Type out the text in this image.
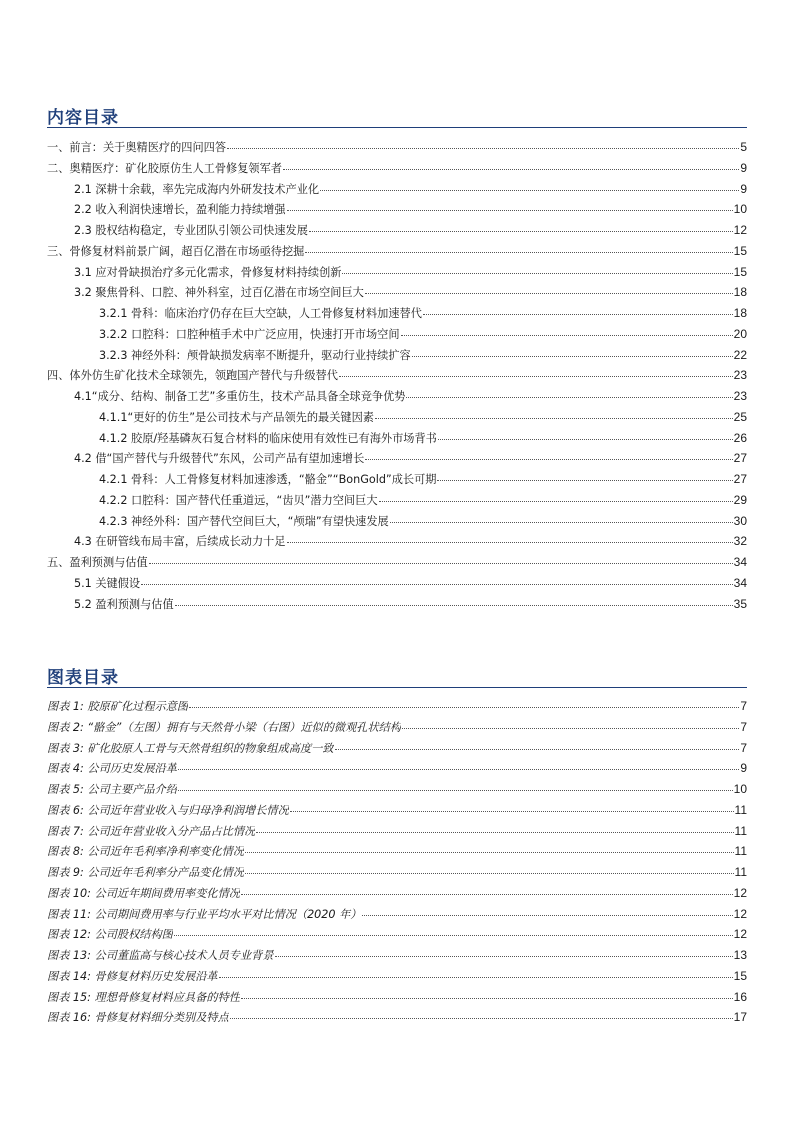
内容目录
一、前言：关于奥精医疗的四问四答	5
二、奥精医疗：矿化胶原仿生人工骨修复领军者	9
2.1 深耕十余载，率先完成海内外研发技术产业化	9
2.2 收入利润快速增长，盈利能力持续增强	10
2.3 股权结构稳定，专业团队引领公司快速发展	12
三、骨修复材料前景广阔，超百亿潜在市场亟待挖掘	15
3.1 应对骨缺损治疗多元化需求，骨修复材料持续创新	15
3.2 聚焦骨科、口腔、神外科室，过百亿潜在市场空间巨大	18
3.2.1 骨科：临床治疗仍存在巨大空缺，人工骨修复材料加速替代	18
3.2.2 口腔科：口腔种植手术中广泛应用，快速打开市场空间	20
3.2.3 神经外科：颅骨缺损发病率不断提升，驱动行业持续扩容	22
四、体外仿生矿化技术全球领先，领跑国产替代与升级替代	23
4.1“成分、结构、制备工艺”多重仿生，技术产品具备全球竞争优势	23
4.1.1“更好的仿生”是公司技术与产品领先的最关键因素	25
4.1.2 胶原/羟基磷灰石复合材料的临床使用有效性已有海外市场背书	26
4.2 借“国产替代与升级替代”东风，公司产品有望加速增长	27
4.2.1 骨科：人工骨修复材料加速渗透，“骼金”“BonGold”成长可期	27
4.2.2 口腔科：国产替代任重道远，“齿贝”潜力空间巨大	29
4.2.3 神经外科：国产替代空间巨大，“颅瑞”有望快速发展	30
4.3 在研管线布局丰富，后续成长动力十足	32
五、盈利预测与估值	34
5.1 关键假设	34
5.2 盈利预测与估值	35
图表目录
图表 1: 胶原矿化过程示意图	7
图表 2: “骼金”（左图）拥有与天然骨小梁（右图）近似的微观孔状结构	7
图表 3: 矿化胶原人工骨与天然骨组织的物象组成高度一致	7
图表 4: 公司历史发展沿革	9
图表 5: 公司主要产品介绍	10
图表 6: 公司近年营业收入与归母净利润增长情况	11
图表 7: 公司近年营业收入分产品占比情况	11
图表 8: 公司近年毛利率净利率变化情况	11
图表 9: 公司近年毛利率分产品变化情况	11
图表 10: 公司近年期间费用率变化情况	12
图表 11: 公司期间费用率与行业平均水平对比情况（2020 年）	12
图表 12: 公司股权结构图	12
图表 13: 公司董监高与核心技术人员专业背景	13
图表 14: 骨修复材料历史发展沿革	15
图表 15: 理想骨修复材料应具备的特性	16
图表 16: 骨修复材料细分类别及特点	17
